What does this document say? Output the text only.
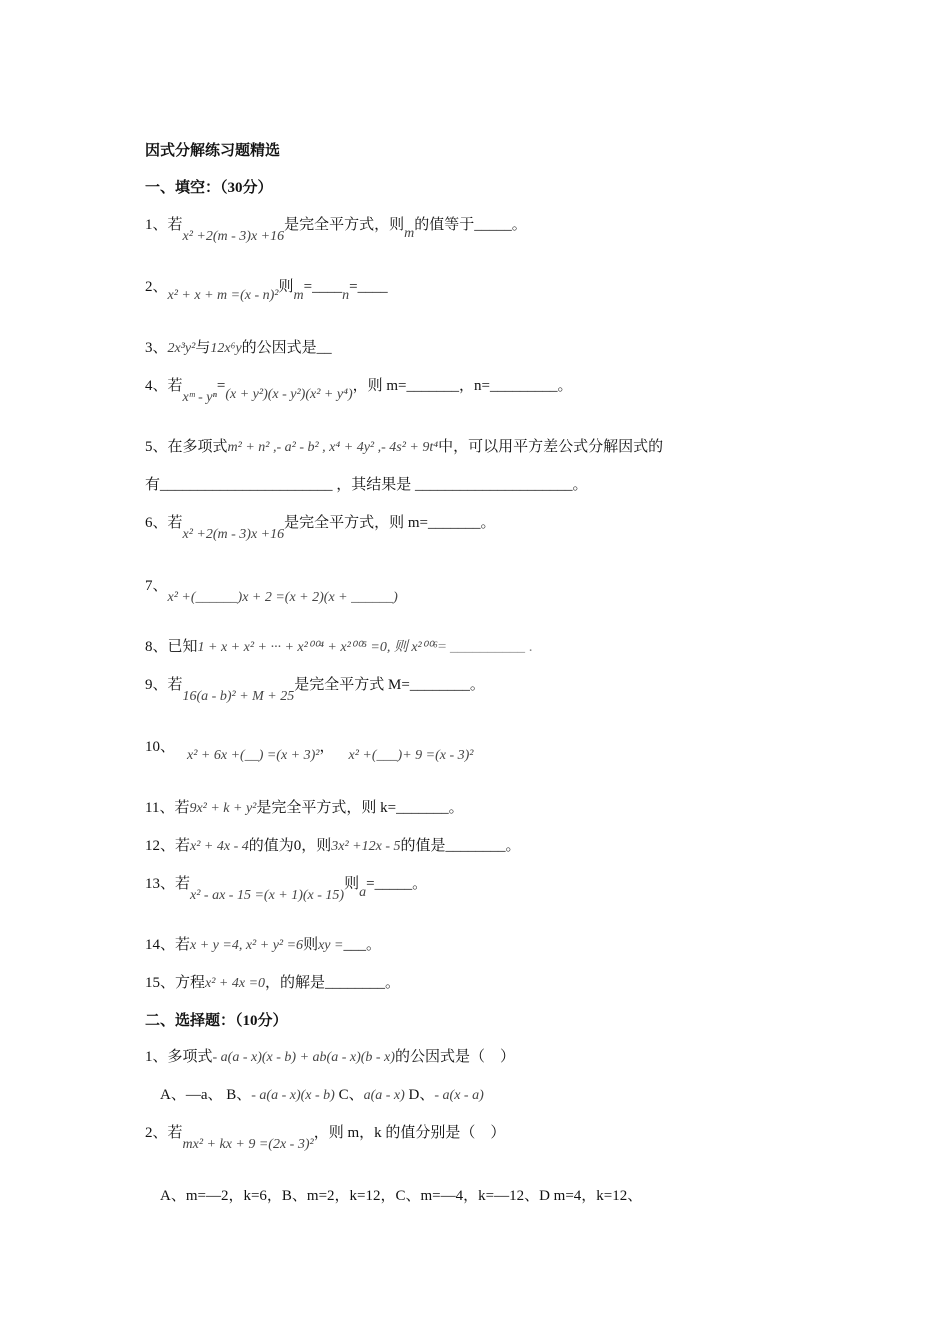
因式分解练习题精选
一、填空：（30分）
1、若x² +2(m - 3)x +16是完全平方式，则m的值等于_____。
2、x² + x + m =(x - n)²则m=____n=____
3、2x³y²与12x⁶y的公因式是__
4、若xᵐ - yⁿ=(x + y²)(x - y²)(x² + y⁴)，则 m=_______，n=_________。
5、在多项式m² + n² ,- a² - b² , x⁴ + 4y² ,- 4s² + 9t⁴中，可以用平方差公式分解因式的
有_______________________ ，其结果是 _____________________。
6、若x² +2(m - 3)x +16是完全平方式，则 m=_______。
7、x² +(______)x + 2 =(x + 2)(x + ______)
8、已知1 + x + x² + ··· + x²⁰⁰⁴ + x²⁰⁰⁵ =0, 则 x²⁰⁰⁶= __________ .
9、若16(a - b)² + M + 25是完全平方式 M=________。
10、x² + 6x +(__) =(x + 3)²，x² +(___)+ 9 =(x - 3)²
11、若9x² + k + y²是完全平方式，则 k=_______。
12、若x² + 4x - 4的值为0，则3x² +12x - 5的值是________。
13、若x² - ax - 15 =(x + 1)(x - 15)则a=_____。
14、若x + y =4, x² + y² =6则xy =___。
15、方程x² + 4x =0，的解是________。
二、选择题：（10分）
1、多项式- a(a - x)(x - b) + ab(a - x)(b - x)的公因式是（　）
A、—a、 B、- a(a - x)(x - b) C、a(a - x) D、- a(x - a)
2、若mx² + kx + 9 =(2x - 3)²，则 m，k 的值分别是（　）
A、m=—2，k=6，B、m=2，k=12，C、m=—4，k=—12、D m=4，k=12、
